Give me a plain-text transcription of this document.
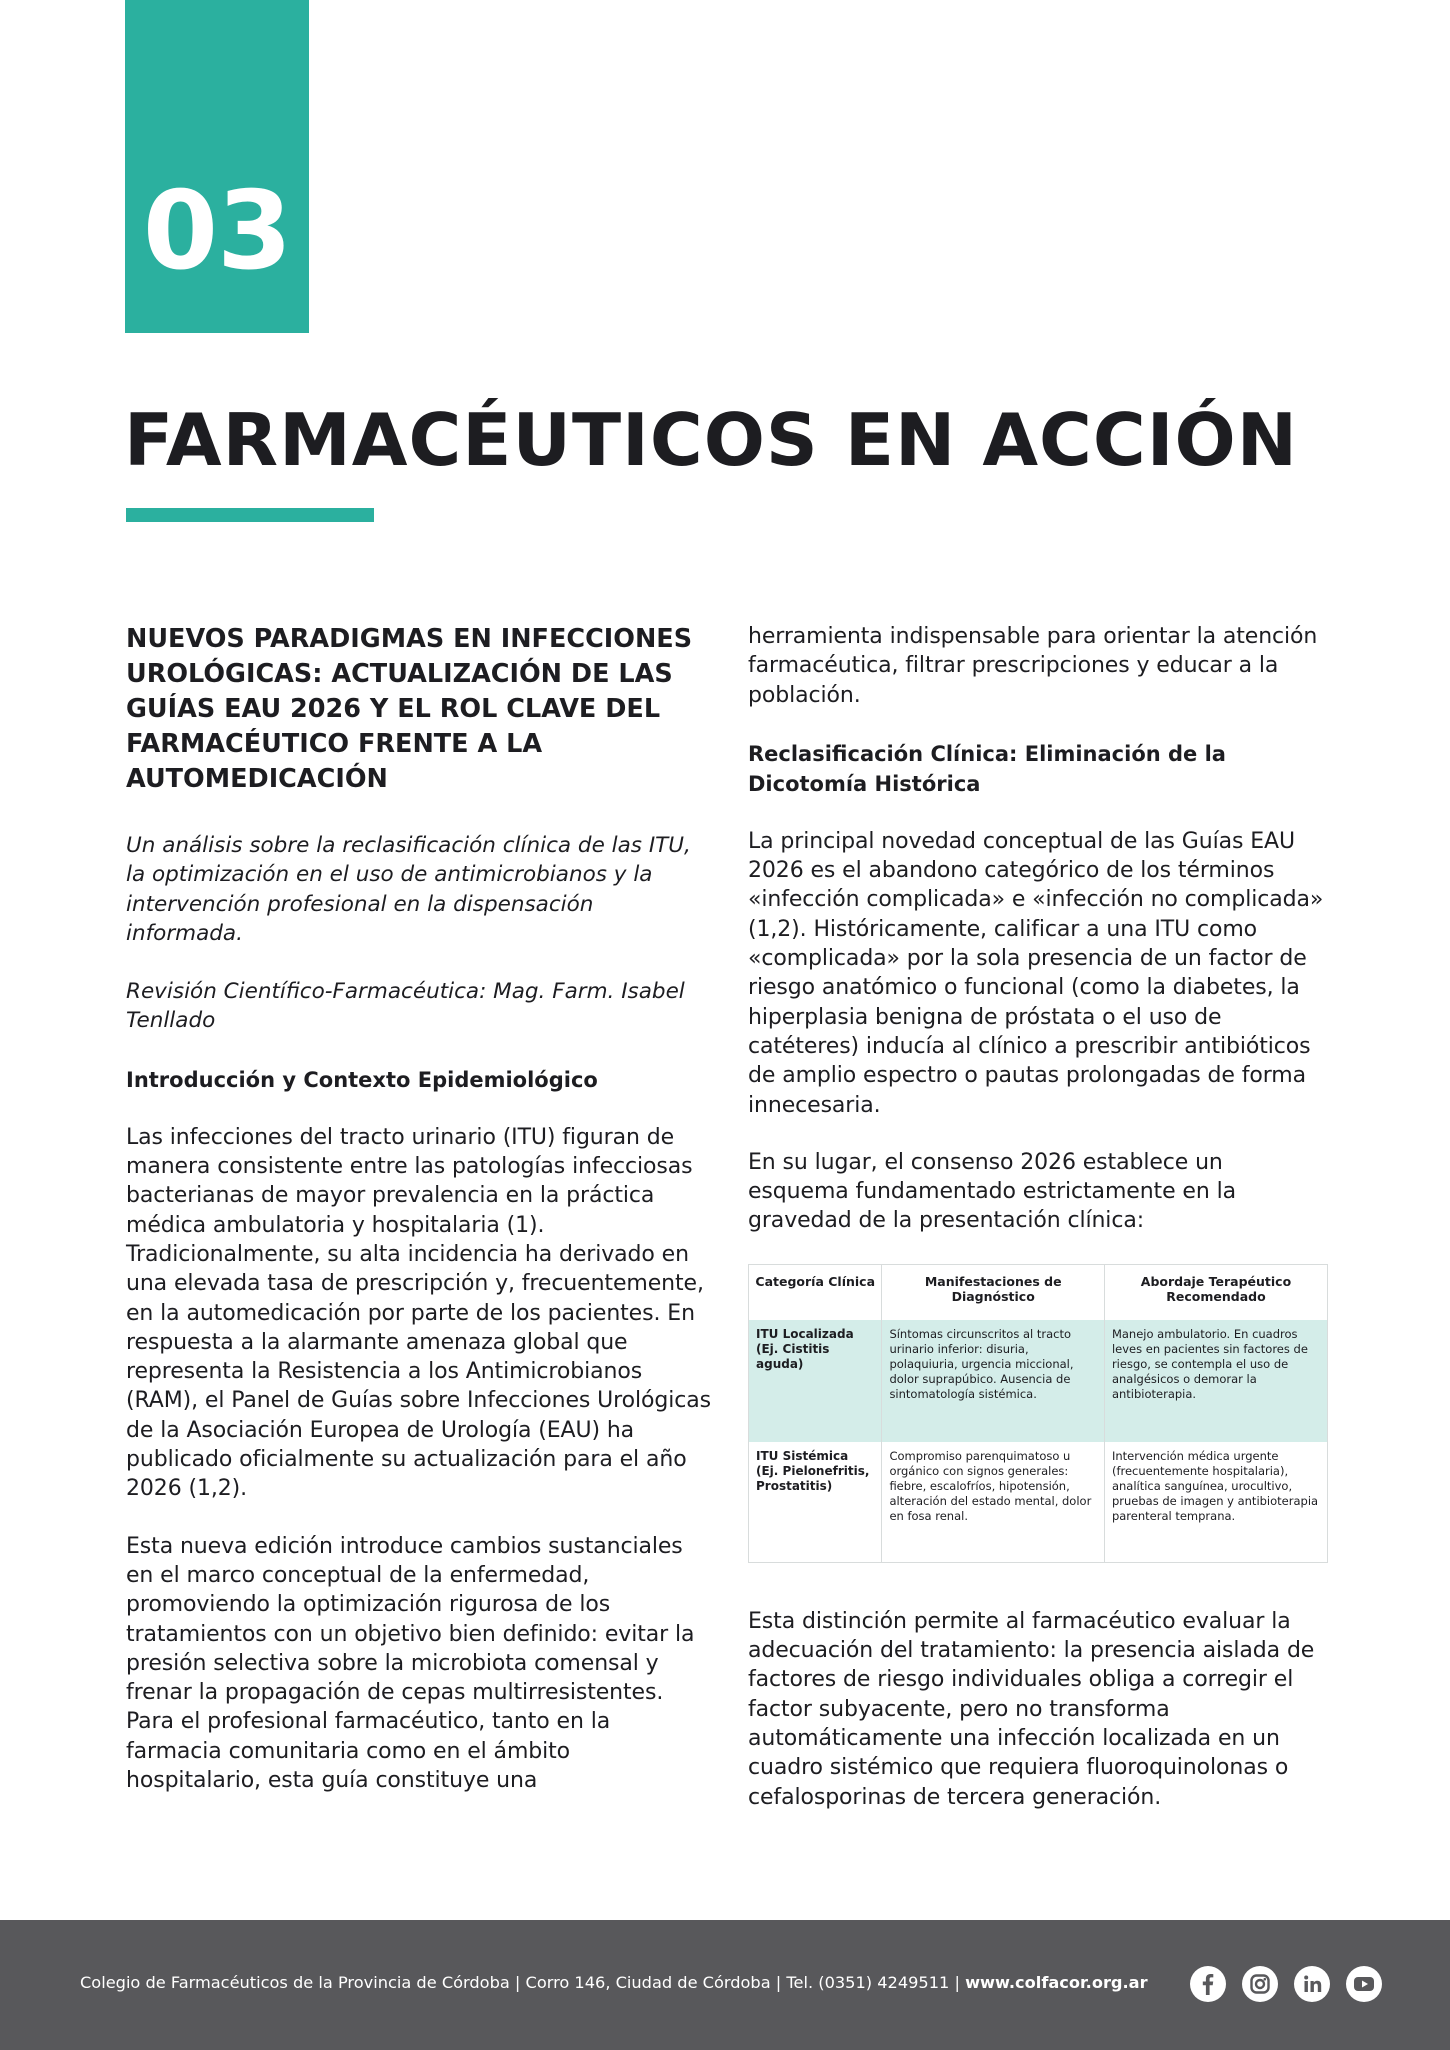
03
FARMACÉUTICOS EN ACCIÓN
NUEVOS PARADIGMAS EN INFECCIONES UROLÓGICAS: ACTUALIZACIÓN DE LAS GUÍAS EAU 2026 Y EL ROL CLAVE DEL FARMACÉUTICO FRENTE A LA AUTOMEDICACIÓN

Un análisis sobre la reclasificación clínica de las ITU, la optimización en el uso de antimicrobianos y la intervención profesional en la dispensación informada.

Revisión Científico-Farmacéutica: Mag. Farm. Isabel Tenllado

Introducción y Contexto Epidemiológico

Las infecciones del tracto urinario (ITU) figuran de manera consistente entre las patologías infecciosas bacterianas de mayor prevalencia en la práctica médica ambulatoria y hospitalaria (1). Tradicionalmente, su alta incidencia ha derivado en una elevada tasa de prescripción y, frecuentemente, en la automedicación por parte de los pacientes. En respuesta a la alarmante amenaza global que representa la Resistencia a los Antimicrobianos (RAM), el Panel de Guías sobre Infecciones Urológicas de la Asociación Europea de Urología (EAU) ha publicado oficialmente su actualización para el año 2026 (1,2).

Esta nueva edición introduce cambios sustanciales en el marco conceptual de la enfermedad, promoviendo la optimización rigurosa de los tratamientos con un objetivo bien definido: evitar la presión selectiva sobre la microbiota comensal y frenar la propagación de cepas multirresistentes. Para el profesional farmacéutico, tanto en la farmacia comunitaria como en el ámbito hospitalario, esta guía constituye una

herramienta indispensable para orientar la atención farmacéutica, filtrar prescripciones y educar a la población.

Reclasificación Clínica: Eliminación de la Dicotomía Histórica

La principal novedad conceptual de las Guías EAU 2026 es el abandono categórico de los términos «infección complicada» e «infección no complicada» (1,2). Históricamente, calificar a una ITU como «complicada» por la sola presencia de un factor de riesgo anatómico o funcional (como la diabetes, la hiperplasia benigna de próstata o el uso de catéteres) inducía al clínico a prescribir antibióticos de amplio espectro o pautas prolongadas de forma innecesaria.

En su lugar, el consenso 2026 establece un esquema fundamentado estrictamente en la gravedad de la presentación clínica:

Categoría Clínica	Manifestaciones de Diagnóstico	Abordaje Terapéutico Recomendado
ITU Localizada (Ej. Cistitis aguda)	Síntomas circunscritos al tracto urinario inferior: disuria, polaquiuria, urgencia miccional, dolor suprapúbico. Ausencia de sintomatología sistémica.	Manejo ambulatorio. En cuadros leves en pacientes sin factores de riesgo, se contempla el uso de analgésicos o demorar la antibioterapia.
ITU Sistémica (Ej. Pielonefritis, Prostatitis)	Compromiso parenquimatoso u orgánico con signos generales: fiebre, escalofríos, hipotensión, alteración del estado mental, dolor en fosa renal.	Intervención médica urgente (frecuentemente hospitalaria), analítica sanguínea, urocultivo, pruebas de imagen y antibioterapia parenteral temprana.

Esta distinción permite al farmacéutico evaluar la adecuación del tratamiento: la presencia aislada de factores de riesgo individuales obliga a corregir el factor subyacente, pero no transforma automáticamente una infección localizada en un cuadro sistémico que requiera fluoroquinolonas o cefalosporinas de tercera generación.

Colegio de Farmacéuticos de la Provincia de Córdoba | Corro 146, Ciudad de Córdoba | Tel. (0351) 4249511 | www.colfacor.org.ar
